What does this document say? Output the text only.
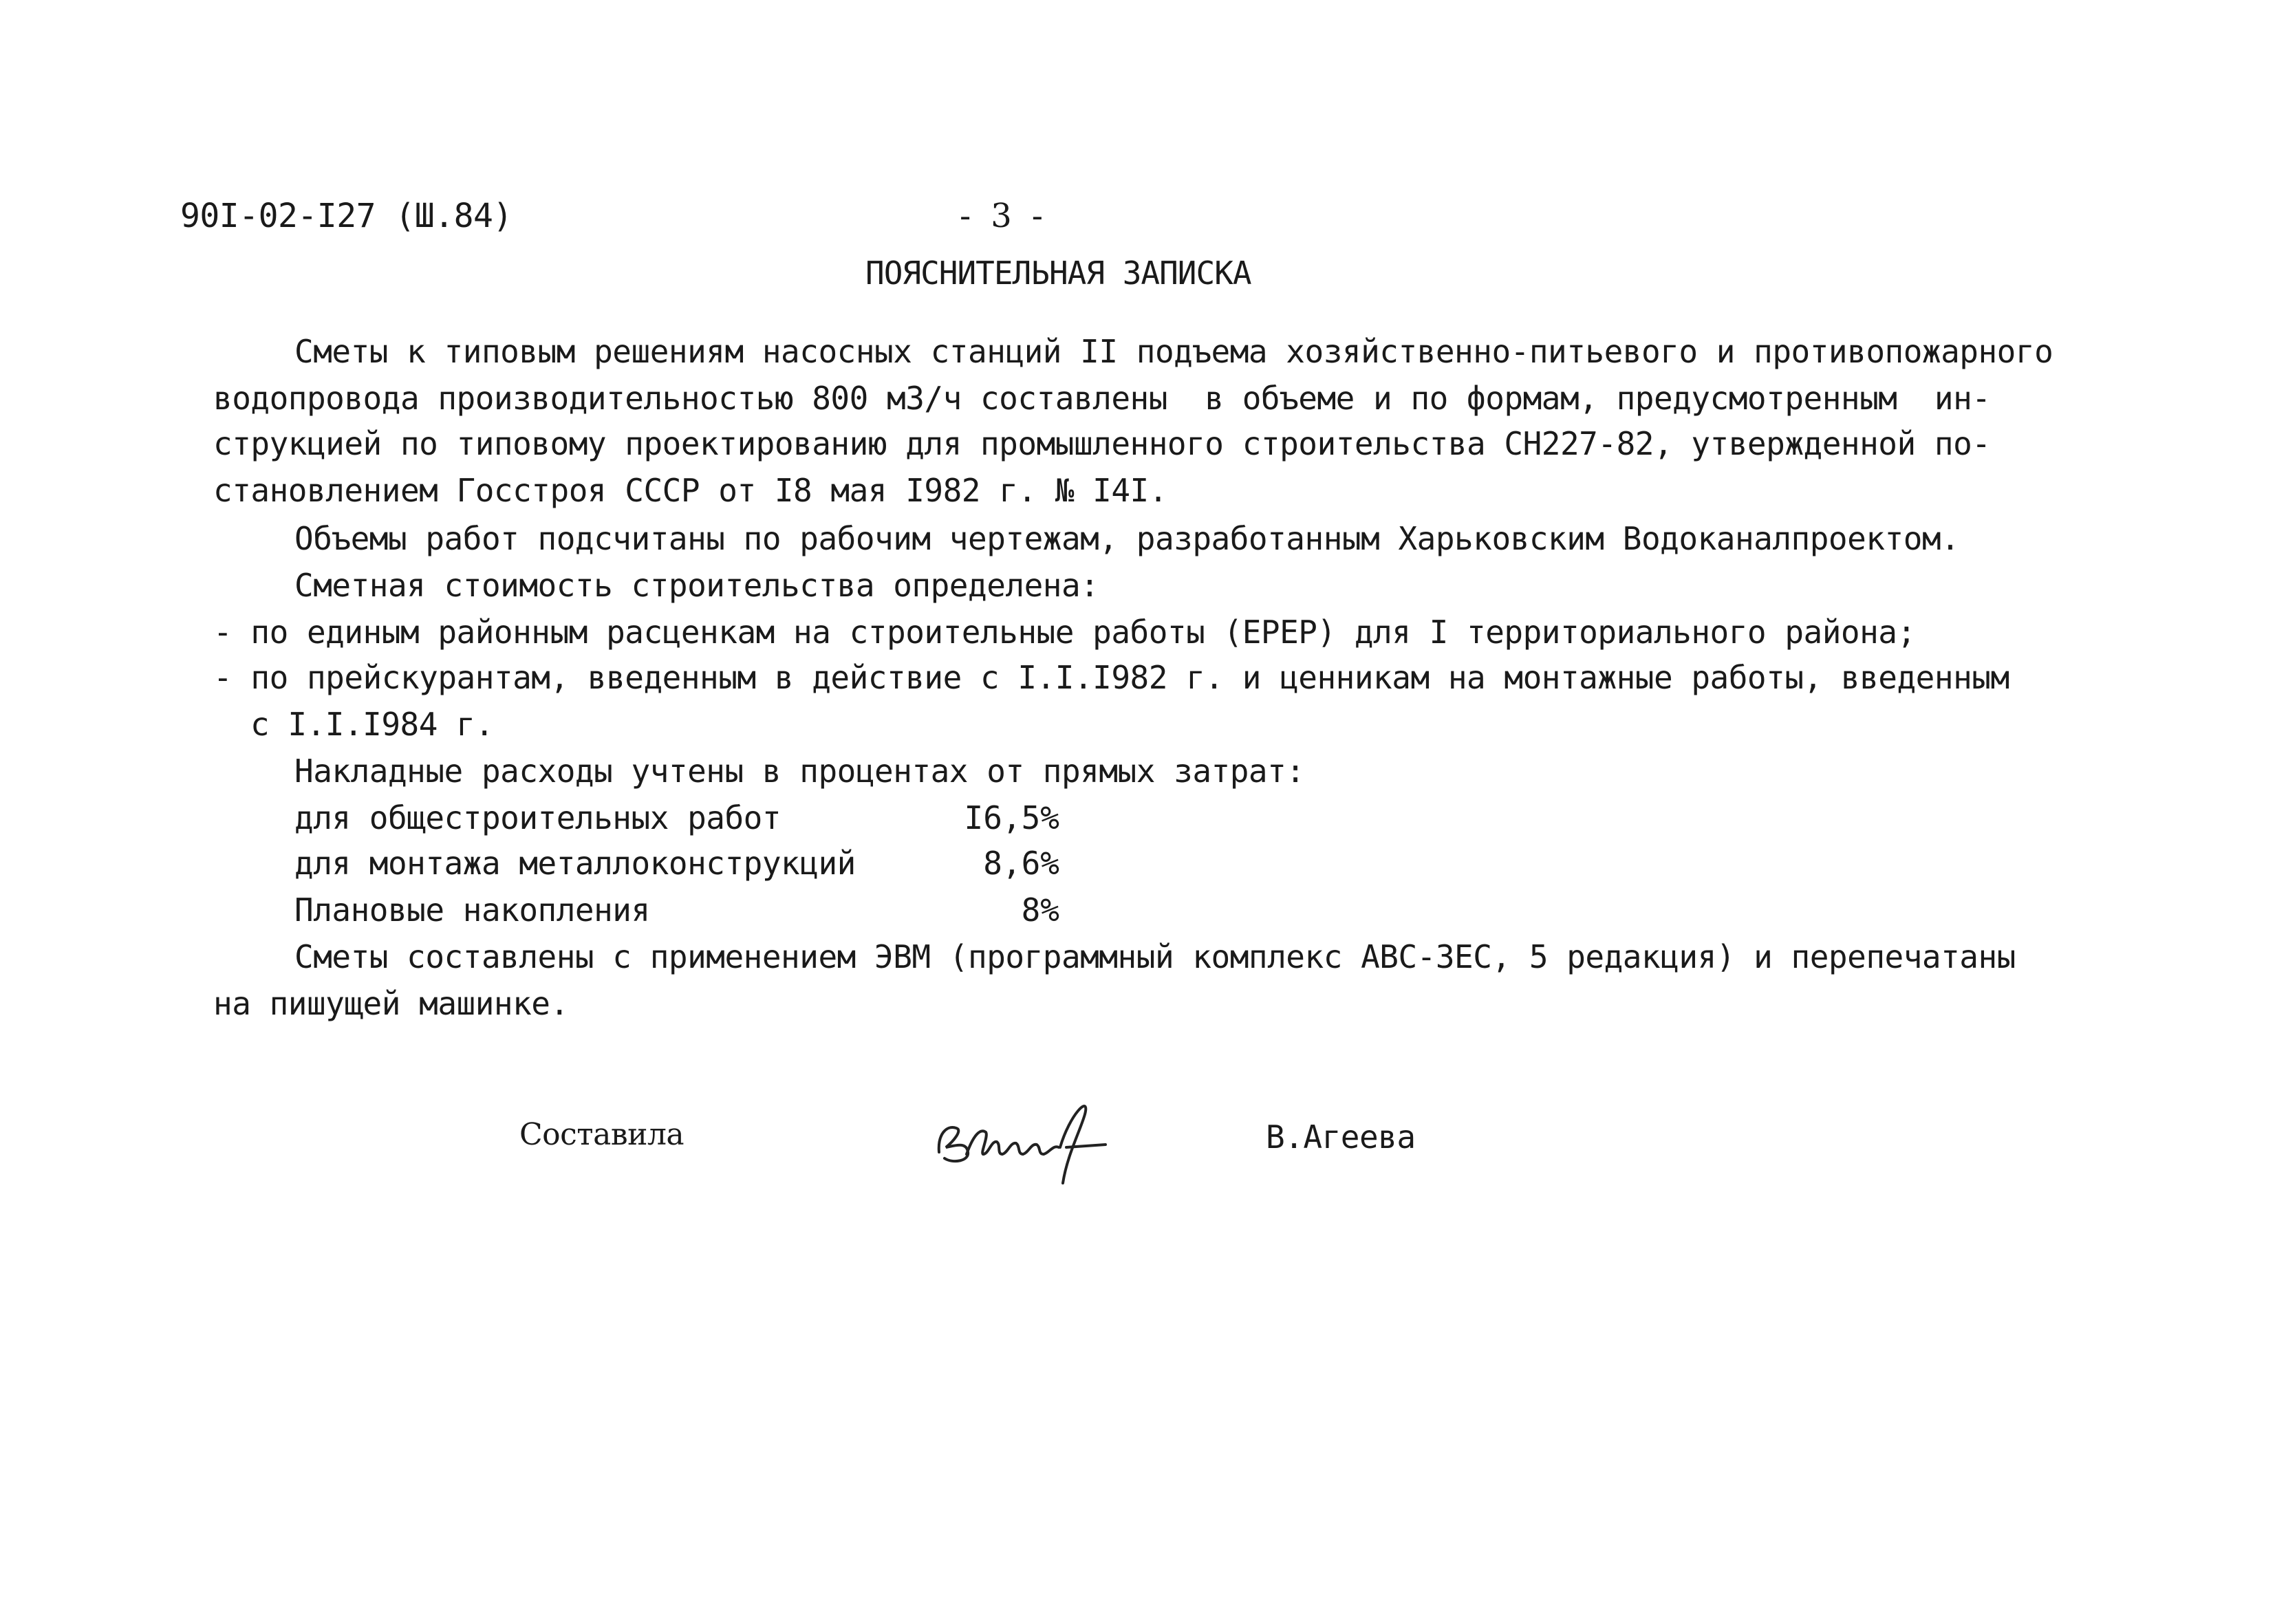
90I-02-I27 (Ш.84)	-  3  -
ПОЯСНИТЕЛЬНАЯ ЗАПИСКА
Сметы к типовым решениям насосных станций II подъема хозяйственно-питьевого и противопожарного
водопровода производительностью 800 м3/ч составлены  в объеме и по формам, предусмотренным  ин-
струкцией по типовому проектированию для промышленного строительства СН227-82, утвержденной по-
становлением Госстроя СССР от I8 мая I982 г. № I4I.
Объемы работ подсчитаны по рабочим чертежам, разработанным Харьковским Водоканалпроектом.
Сметная стоимость строительства определена:
- по единым районным расценкам на строительные работы (ЕРЕР) для I территориального района;
- по прейскурантам, введенным в действие с I.I.I982 г. и ценникам на монтажные работы, введенным
с I.I.I984 г.
Накладные расходы учтены в процентах от прямых затрат:
для общестроительных работ	I6,5%
для монтажа металлоконструкций	8,6%
Плановые накопления	8%
Сметы составлены с применением ЭВМ (программный комплекс АВС-3ЕС, 5 редакция) и перепечатаны
на пишущей машинке.
Составила	В.Агеева
